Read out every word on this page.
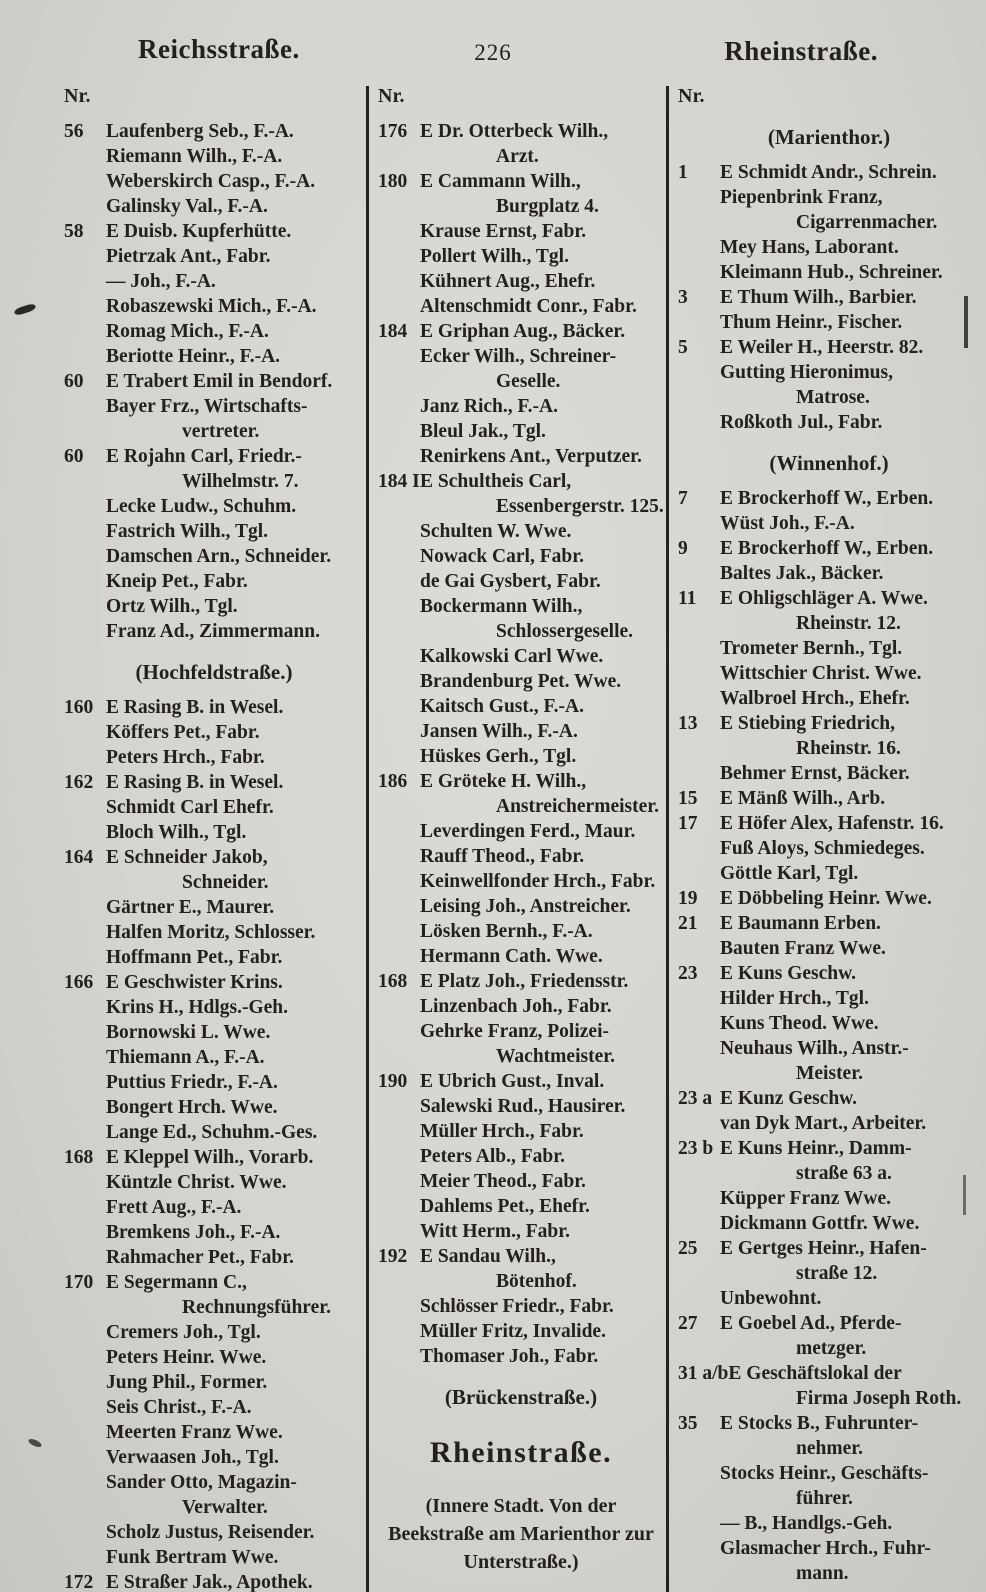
Reichsstraße.	226	Rheinstraße.
Nr.
56	Laufenberg Seb., F.-A.
Riemann Wilh., F.-A.
Weberskirch Casp., F.-A.
Galinsky Val., F.-A.
58	E Duisb. Kupferhütte.
Pietrzak Ant., Fabr.
— Joh., F.-A.
Robaszewski Mich., F.-A.
Romag Mich., F.-A.
Beriotte Heinr., F.-A.
60	E Trabert Emil in Bendorf.
Bayer Frz., Wirtschafts-
vertreter.
60	E Rojahn Carl, Friedr.-
Wilhelmstr. 7.
Lecke Ludw., Schuhm.
Fastrich Wilh., Tgl.
Damschen Arn., Schneider.
Kneip Pet., Fabr.
Ortz Wilh., Tgl.
Franz Ad., Zimmermann.
(Hochfeldstraße.)
160 E Rasing B. in Wesel.
Köffers Pet., Fabr.
Peters Hrch., Fabr.
162 E Rasing B. in Wesel.
Schmidt Carl Ehefr.
Bloch Wilh., Tgl.
164 E Schneider Jakob,
Schneider.
Gärtner E., Maurer.
Halfen Moritz, Schlosser.
Hoffmann Pet., Fabr.
166 E Geschwister Krins.
Krins H., Hdlgs.-Geh.
Bornowski L. Wwe.
Thiemann A., F.-A.
Puttius Friedr., F.-A.
Bongert Hrch. Wwe.
Lange Ed., Schuhm.-Ges.
168 E Kleppel Wilh., Vorarb.
Küntzle Christ. Wwe.
Frett Aug., F.-A.
Bremkens Joh., F.-A.
Rahmacher Pet., Fabr.
170 E Segermann C.,
Rechnungsführer.
Cremers Joh., Tgl.
Peters Heinr. Wwe.
Jung Phil., Former.
Seis Christ., F.-A.
Meerten Franz Wwe.
Verwaasen Joh., Tgl.
Sander Otto, Magazin-
Verwalter.
Scholz Justus, Reisender.
Funk Bertram Wwe.
172 E Straßer Jak., Apothek.
Nr.
176 E Dr. Otterbeck Wilh.,
Arzt.
180 E Cammann Wilh.,
Burgplatz 4.
Krause Ernst, Fabr.
Pollert Wilh., Tgl.
Kühnert Aug., Ehefr.
Altenschmidt Conr., Fabr.
184 E Griphan Aug., Bäcker.
Ecker Wilh., Schreiner-
Geselle.
Janz Rich., F.-A.
Bleul Jak., Tgl.
Renirkens Ant., Verputzer.
184 I E Schultheis Carl,
Essenbergerstr. 125.
Schulten W. Wwe.
Nowack Carl, Fabr.
de Gai Gysbert, Fabr.
Bockermann Wilh.,
Schlossergeselle.
Kalkowski Carl Wwe.
Brandenburg Pet. Wwe.
Kaitsch Gust., F.-A.
Jansen Wilh., F.-A.
Hüskes Gerh., Tgl.
186 E Gröteke H. Wilh.,
Anstreichermeister.
Leverdingen Ferd., Maur.
Rauff Theod., Fabr.
Keinwellfonder Hrch., Fabr.
Leising Joh., Anstreicher.
Lösken Bernh., F.-A.
Hermann Cath. Wwe.
168 E Platz Joh., Friedensstr.
Linzenbach Joh., Fabr.
Gehrke Franz, Polizei-
Wachtmeister.
190 E Ubrich Gust., Inval.
Salewski Rud., Hausirer.
Müller Hrch., Fabr.
Peters Alb., Fabr.
Meier Theod., Fabr.
Dahlems Pet., Ehefr.
Witt Herm., Fabr.
192 E Sandau Wilh.,
Bötenhof.
Schlösser Friedr., Fabr.
Müller Fritz, Invalide.
Thomaser Joh., Fabr.
(Brückenstraße.)
Rheinstraße.
(Innere Stadt. Von der
Beekstraße am Marienthor zur
Unterstraße.)
Nr.
(Marienthor.)
1	E Schmidt Andr., Schrein.
Piepenbrink Franz,
Cigarrenmacher.
Mey Hans, Laborant.
Kleimann Hub., Schreiner.
3	E Thum Wilh., Barbier.
Thum Heinr., Fischer.
5	E Weiler H., Heerstr. 82.
Gutting Hieronimus,
Matrose.
Roßkoth Jul., Fabr.
(Winnenhof.)
7	E Brockerhoff W., Erben.
Wüst Joh., F.-A.
9	E Brockerhoff W., Erben.
Baltes Jak., Bäcker.
11	E Ohligschläger A. Wwe.
Rheinstr. 12.
Trometer Bernh., Tgl.
Wittschier Christ. Wwe.
Walbroel Hrch., Ehefr.
13	E Stiebing Friedrich,
Rheinstr. 16.
Behmer Ernst, Bäcker.
15	E Mänß Wilh., Arb.
17	E Höfer Alex, Hafenstr. 16.
Fuß Aloys, Schmiedeges.
Göttle Karl, Tgl.
19	E Döbbeling Heinr. Wwe.
21	E Baumann Erben.
Bauten Franz Wwe.
23	E Kuns Geschw.
Hilder Hrch., Tgl.
Kuns Theod. Wwe.
Neuhaus Wilh., Anstr.-
Meister.
23 a E Kunz Geschw.
van Dyk Mart., Arbeiter.
23 b E Kuns Heinr., Damm-
straße 63 a.
Küpper Franz Wwe.
Dickmann Gottfr. Wwe.
25	E Gertges Heinr., Hafen-
straße 12.
Unbewohnt.
27	E Goebel Ad., Pferde-
metzger.
31 a/b E Geschäftslokal der
Firma Joseph Roth.
35	E Stocks B., Fuhrunter-
nehmer.
Stocks Heinr., Geschäfts-
führer.
— B., Handlgs.-Geh.
Glasmacher Hrch., Fuhr-
mann.
